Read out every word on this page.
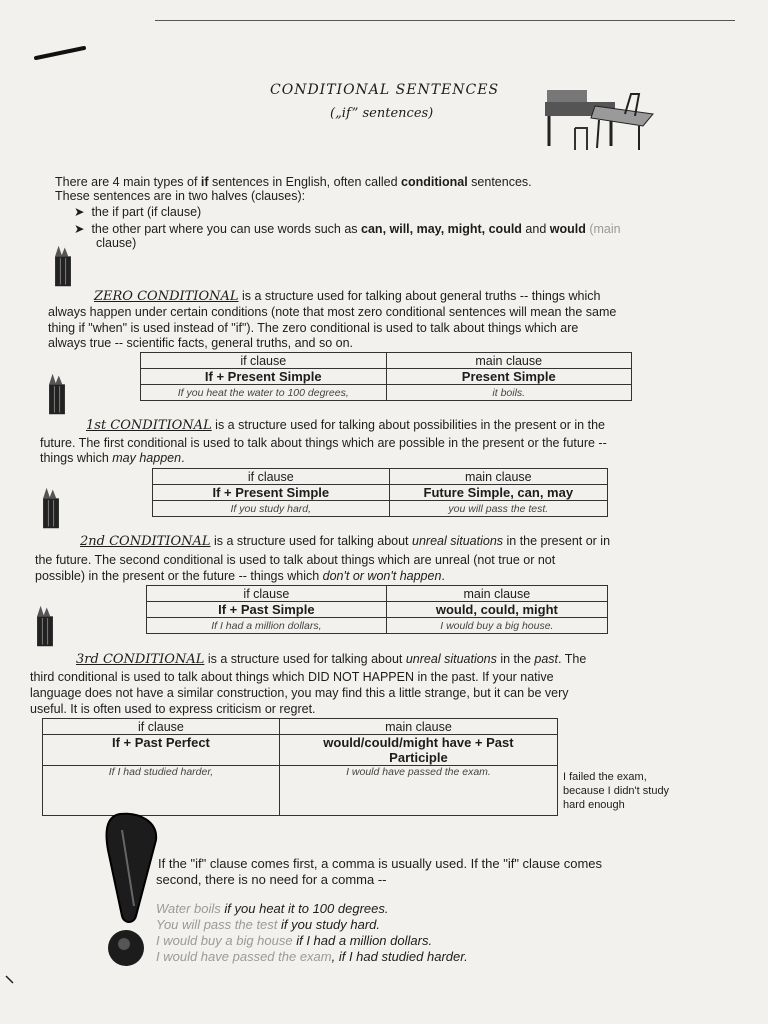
CONDITIONAL SENTENCES
(„if” sentences)
There are 4 main types of if sentences in English, often called conditional sentences.
These sentences are in two halves (clauses):
➤ the if part (if clause)
➤ the other part where you can use words such as can, will, may, might, could and would (main
clause)
ZERO CONDITIONAL is a structure used for talking about general truths -- things which
always happen under certain conditions (note that most zero conditional sentences will mean the same
thing if "when" is used instead of "if"). The zero conditional is used to talk about things which are
always true -- scientific facts, general truths, and so on.
if clause	main clause
If + Present Simple	Present Simple
If you heat the water to 100 degrees,	it boils.
1st CONDITIONAL is a structure used for talking about possibilities in the present or in the
future. The first conditional is used to talk about things which are possible in the present or the future --
things which may happen.
if clause	main clause
If + Present Simple	Future Simple, can, may
If you study hard,	you will pass the test.
2nd CONDITIONAL is a structure used for talking about unreal situations in the present or in
the future. The second conditional is used to talk about things which are unreal (not true or not
possible) in the present or the future -- things which don't or won't happen.
if clause	main clause
If + Past Simple	would, could, might
If I had a million dollars,	I would buy a big house.
3rd CONDITIONAL is a structure used for talking about unreal situations in the past. The
third conditional is used to talk about things which DID NOT HAPPEN in the past. If your native
language does not have a similar construction, you may find this a little strange, but it can be very
useful. It is often used to express criticism or regret.
if clause	main clause
If + Past Perfect	would/could/might have + Past
Participle
If I had studied harder,	I would have passed the exam.	I failed the exam,
because I didn't study
hard enough
If the "if" clause comes first, a comma is usually used. If the "if" clause comes
second, there is no need for a comma --
Water boils if you heat it to 100 degrees.
You will pass the test if you study hard.
I would buy a big house if I had a million dollars.
I would have passed the exam, if I had studied harder.
